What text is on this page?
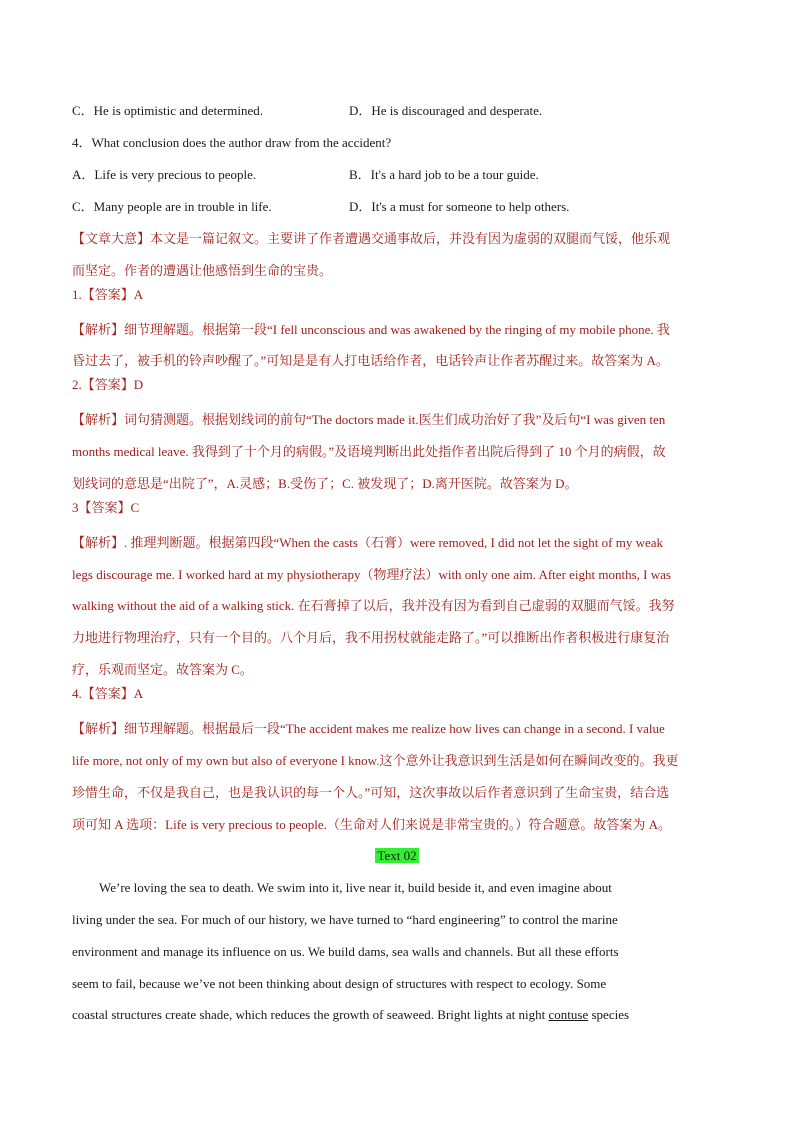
C．He is optimistic and determined.	D．He is discouraged and desperate.
4．What conclusion does the author draw from the accident?
A．Life is very precious to people.	B．It's a hard job to be a tour guide.
C．Many people are in trouble in life.	D．It's a must for someone to help others.
【文章大意】本文是一篇记叙文。主要讲了作者遭遇交通事故后，并没有因为虚弱的双腿而气馁，他乐观
而坚定。作者的遭遇让他感悟到生命的宝贵。
1.【答案】A
【解析】细节理解题。根据第一段“I fell unconscious and was awakened by the ringing of my mobile phone. 我
昏过去了，被手机的铃声吵醒了。”可知是是有人打电话给作者，电话铃声让作者苏醒过来。故答案为 A。
2.【答案】D
【解析】词句猜测题。根据划线词的前句“The doctors made it.医生们成功治好了我”及后句“I was given ten
months medical leave. 我得到了十个月的病假。”及语境判断出此处指作者出院后得到了 10 个月的病假，故
划线词的意思是“出院了”，A.灵感；B.受伤了；C. 被发现了；D.离开医院。故答案为 D。
3【答案】C
【解析】. 推理判断题。根据第四段“When the casts（石膏）were removed, I did not let the sight of my weak
legs discourage me. I worked hard at my physiotherapy（物理疗法）with only one aim. After eight months, I was
walking without the aid of a walking stick. 在石膏掉了以后，我并没有因为看到自己虚弱的双腿而气馁。我努
力地进行物理治疗，只有一个目的。八个月后，我不用拐杖就能走路了。”可以推断出作者积极进行康复治
疗，乐观而坚定。故答案为 C。
4.【答案】A
【解析】细节理解题。根据最后一段“The accident makes me realize how lives can change in a second. I value
life more, not only of my own but also of everyone I know.这个意外让我意识到生活是如何在瞬间改变的。我更
珍惜生命，不仅是我自己，也是我认识的每一个人。”可知，这次事故以后作者意识到了生命宝贵，结合选
项可知 A 选项：Life is very precious to people.（生命对人们来说是非常宝贵的。）符合题意。故答案为 A。
Text 02
We’re loving the sea to death. We swim into it, live near it, build beside it, and even imagine about
living under the sea. For much of our history, we have turned to “hard engineering” to control the marine
environment and manage its influence on us. We build dams, sea walls and channels. But all these efforts
seem to fail, because we’ve not been thinking about design of structures with respect to ecology. Some
coastal structures create shade, which reduces the growth of seaweed. Bright lights at night contuse species
